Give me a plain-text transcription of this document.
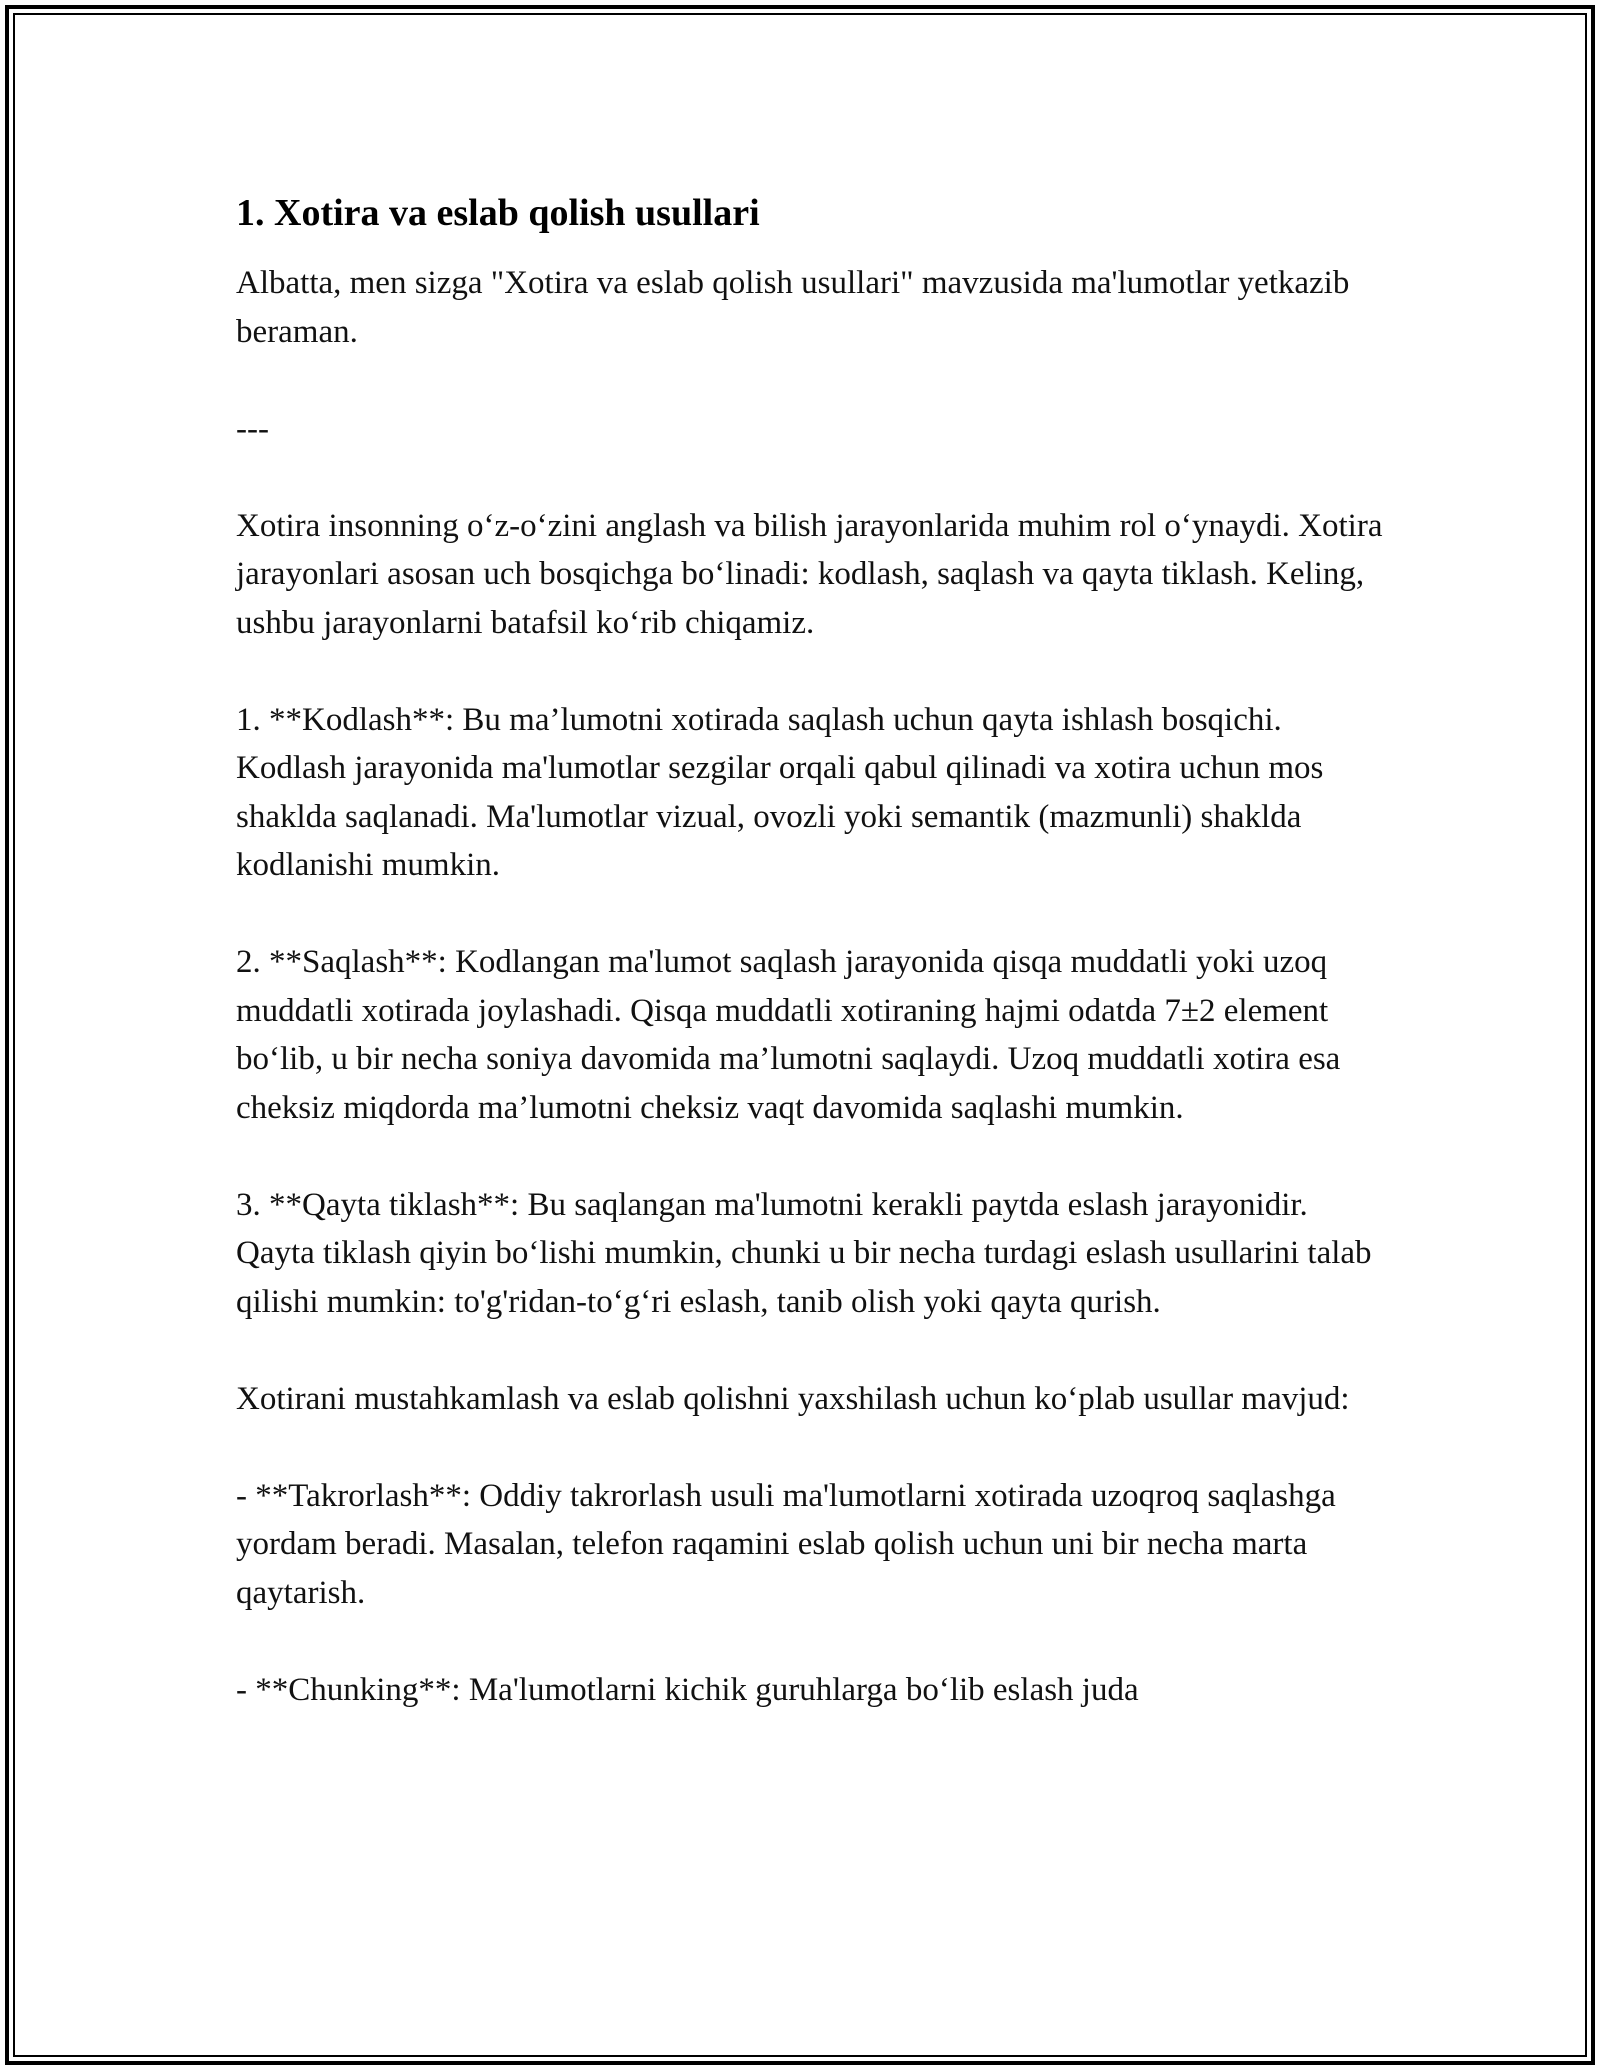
1. Xotira va eslab qolish usullari

Albatta, men sizga "Xotira va eslab qolish usullari" mavzusida ma'lumotlar yetkazib beraman.

---

Xotira insonning o‘z-o‘zini anglash va bilish jarayonlarida muhim rol o‘ynaydi. Xotira jarayonlari asosan uch bosqichga bo‘linadi: kodlash, saqlash va qayta tiklash. Keling, ushbu jarayonlarni batafsil ko‘rib chiqamiz.

1. **Kodlash**: Bu ma’lumotni xotirada saqlash uchun qayta ishlash bosqichi. Kodlash jarayonida ma'lumotlar sezgilar orqali qabul qilinadi va xotira uchun mos shaklda saqlanadi. Ma'lumotlar vizual, ovozli yoki semantik (mazmunli) shaklda kodlanishi mumkin.

2. **Saqlash**: Kodlangan ma'lumot saqlash jarayonida qisqa muddatli yoki uzoq muddatli xotirada joylashadi. Qisqa muddatli xotiraning hajmi odatda 7±2 element bo‘lib, u bir necha soniya davomida ma’lumotni saqlaydi. Uzoq muddatli xotira esa cheksiz miqdorda ma’lumotni cheksiz vaqt davomida saqlashi mumkin.

3. **Qayta tiklash**: Bu saqlangan ma'lumotni kerakli paytda eslash jarayonidir. Qayta tiklash qiyin bo‘lishi mumkin, chunki u bir necha turdagi eslash usullarini talab qilishi mumkin: to'g'ridan-to‘g‘ri eslash, tanib olish yoki qayta qurish.

Xotirani mustahkamlash va eslab qolishni yaxshilash uchun ko‘plab usullar mavjud:

- **Takrorlash**: Oddiy takrorlash usuli ma'lumotlarni xotirada uzoqroq saqlashga yordam beradi. Masalan, telefon raqamini eslab qolish uchun uni bir necha marta qaytarish.

- **Chunking**: Ma'lumotlarni kichik guruhlarga bo‘lib eslash juda
